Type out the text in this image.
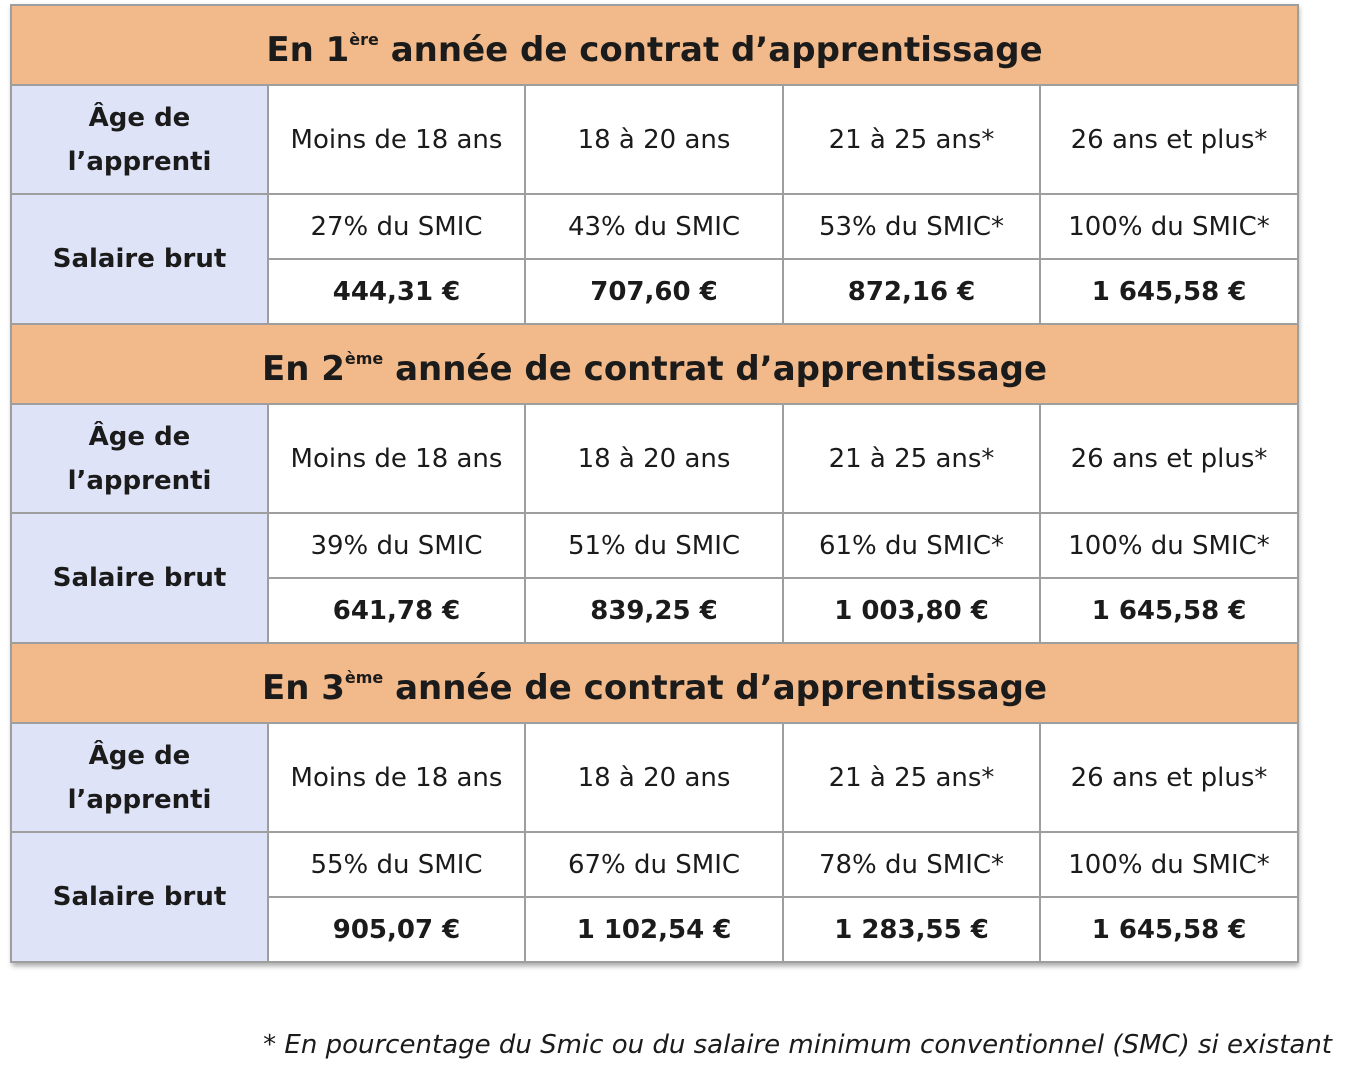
En 1ère année de contrat d’apprentissage				
Âge de l’apprenti	Moins de 18 ans	18 à 20 ans	21 à 25 ans*	26 ans et plus*
Salaire brut	27% du SMIC	43% du SMIC	53% du SMIC*	100% du SMIC*
	444,31 €	707,60 €	872,16 €	1 645,58 €
En 2ème année de contrat d’apprentissage				
Âge de l’apprenti	Moins de 18 ans	18 à 20 ans	21 à 25 ans*	26 ans et plus*
Salaire brut	39% du SMIC	51% du SMIC	61% du SMIC*	100% du SMIC*
	641,78 €	839,25 €	1 003,80 €	1 645,58 €
En 3ème année de contrat d’apprentissage				
Âge de l’apprenti	Moins de 18 ans	18 à 20 ans	21 à 25 ans*	26 ans et plus*
Salaire brut	55% du SMIC	67% du SMIC	78% du SMIC*	100% du SMIC*
	905,07 €	1 102,54 €	1 283,55 €	1 645,58 €
* En pourcentage du Smic ou du salaire minimum conventionnel (SMC) si existant
